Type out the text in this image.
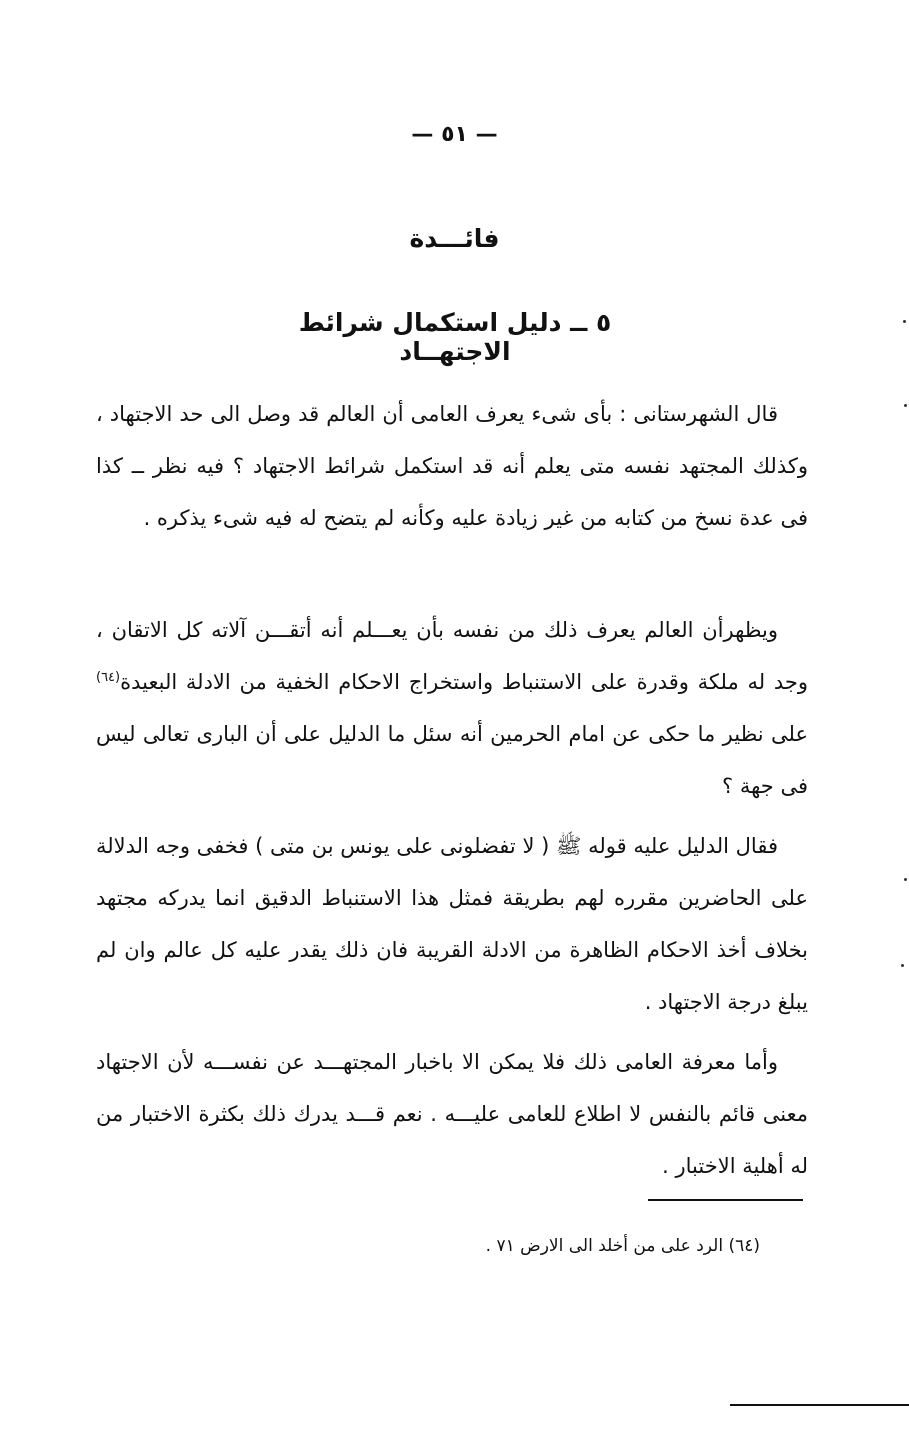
— ٥١ —
فائـــدة
٥ ــ دليل استكمال شرائط الاجتهــاد
قال الشهرستانى : بأى شىء يعرف العامى أن العالم قد وصل الى حد الاجتهاد ، وكذلك المجتهد نفسه متى يعلم أنه قد استكمل شرائط الاجتهاد ؟ فيه نظر ــ كذا فى عدة نسخ من كتابه من غير زيادة عليه وكأنه لم يتضح له فيه شىء يذكره .
ويظهرأن العالم يعرف ذلك من نفسه بأن يعـــلم أنه أتقـــن آلاته كل الاتقان ، وجد له ملكة وقدرة على الاستنباط واستخراج الاحكام الخفية من الادلة البعيدة$^{(٦٤)}$ على نظير ما حكى عن امام الحرمين أنه سئل ما الدليل على أن البارى تعالى ليس فى جهة ؟
فقال الدليل عليه قوله ﷺ ( لا تفضلونى على يونس بن متى ) فخفى وجه الدلالة على الحاضرين مقرره لهم بطريقة فمثل هذا الاستنباط الدقيق انما يدركه مجتهد بخلاف أخذ الاحكام الظاهرة من الادلة القريبة فان ذلك يقدر عليه كل عالم وان لم يبلغ درجة الاجتهاد .
وأما معرفة العامى ذلك فلا يمكن الا باخبار المجتهـــد عن نفســـه لأن الاجتهاد معنى قائم بالنفس لا اطلاع للعامى عليـــه . نعم قـــد يدرك ذلك بكثرة الاختبار من له أهلية الاختبار .
(٦٤) الرد على من أخلد الى الارض ٧١ .
